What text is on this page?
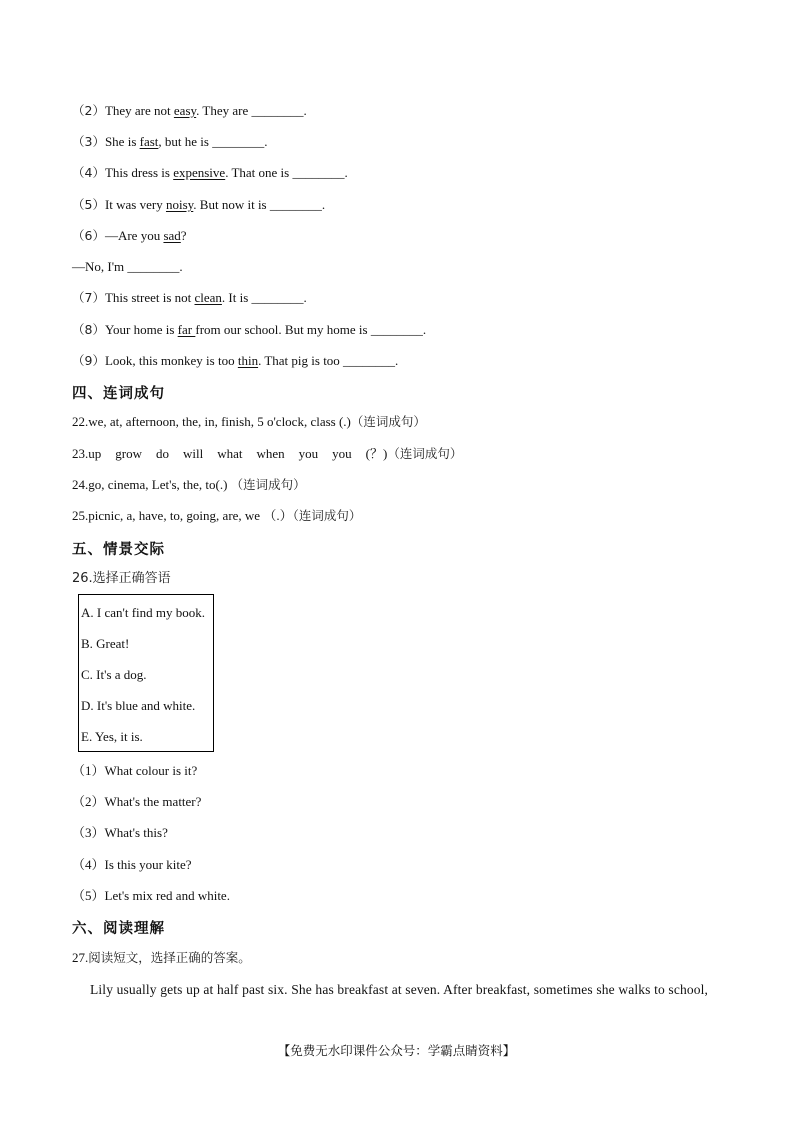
（2）They are not easy. They are ________.
（3）She is fast, but he is ________.
（4）This dress is expensive. That one is ________.
（5）It was very noisy. But now it is ________.
（6）—Are you sad?
—No, I'm ________.
（7）This street is not clean. It is ________.
（8）Your home is far from our school. But my home is ________.
（9）Look, this monkey is too thin. That pig is too ________.
四、连词成句
22.we, at, afternoon, the, in, finish, 5 o'clock, class (.)（连词成句）
23.up grow do will what when you you (？)（连词成句）
24.go, cinema, Let's, the, to(.) （连词成句）
25.picnic, a, have, to, going, are, we （.）（连词成句）
五、情景交际
26.选择正确答语
A. I can't find my book.
B. Great!
C. It's a dog.
D. It's blue and white.
E. Yes, it is.
（1）What colour is it?
（2）What's the matter?
（3）What's this?
（4）Is this your kite?
（5）Let's mix red and white.
六、阅读理解
27.阅读短文，选择正确的答案。
Lily usually gets up at half past six. She has breakfast at seven. After breakfast, sometimes she walks to school,
【免费无水印课件公众号：学霸点睛资料】
